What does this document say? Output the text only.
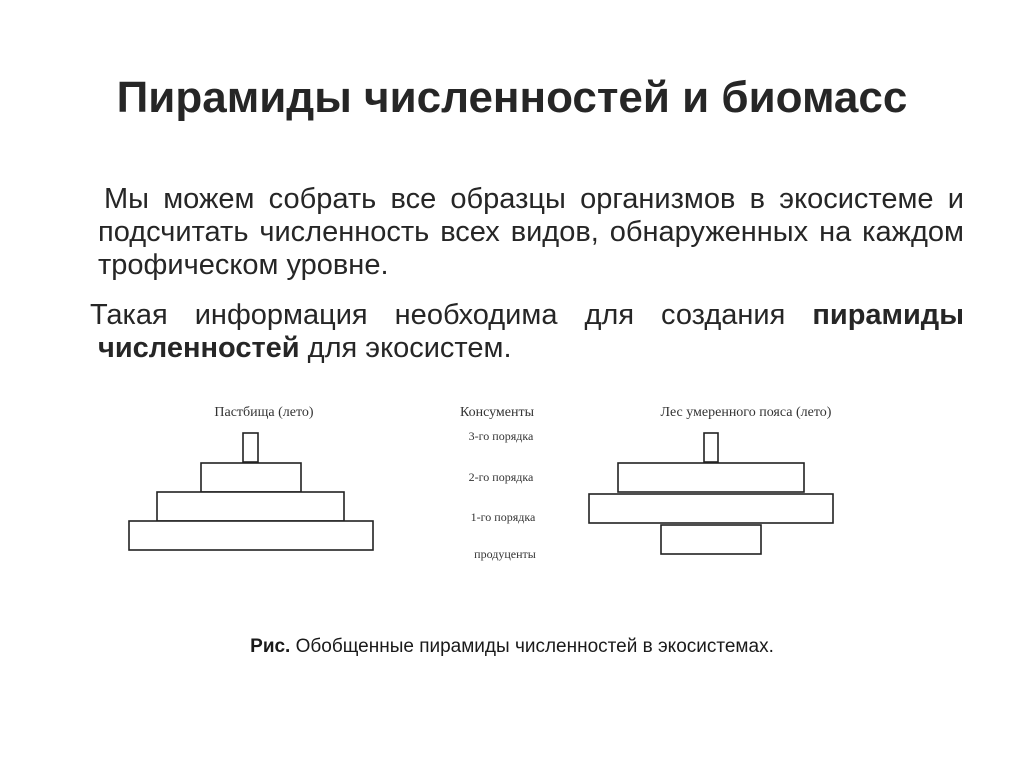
Пирамиды численностей и биомасс

Мы можем собрать все образцы организмов в экосистеме и подсчитать численность всех видов, обнаруженных на каждом трофическом уровне.

Такая информация необходима для создания пирамиды численностей для экосистем.

Пастбища (лето)	Консументы
3-го порядка
2-го порядка
1-го порядка
продуценты
Лес умеренного пояса (лето)

Рис. Обобщенные пирамиды численностей в экосистемах.
